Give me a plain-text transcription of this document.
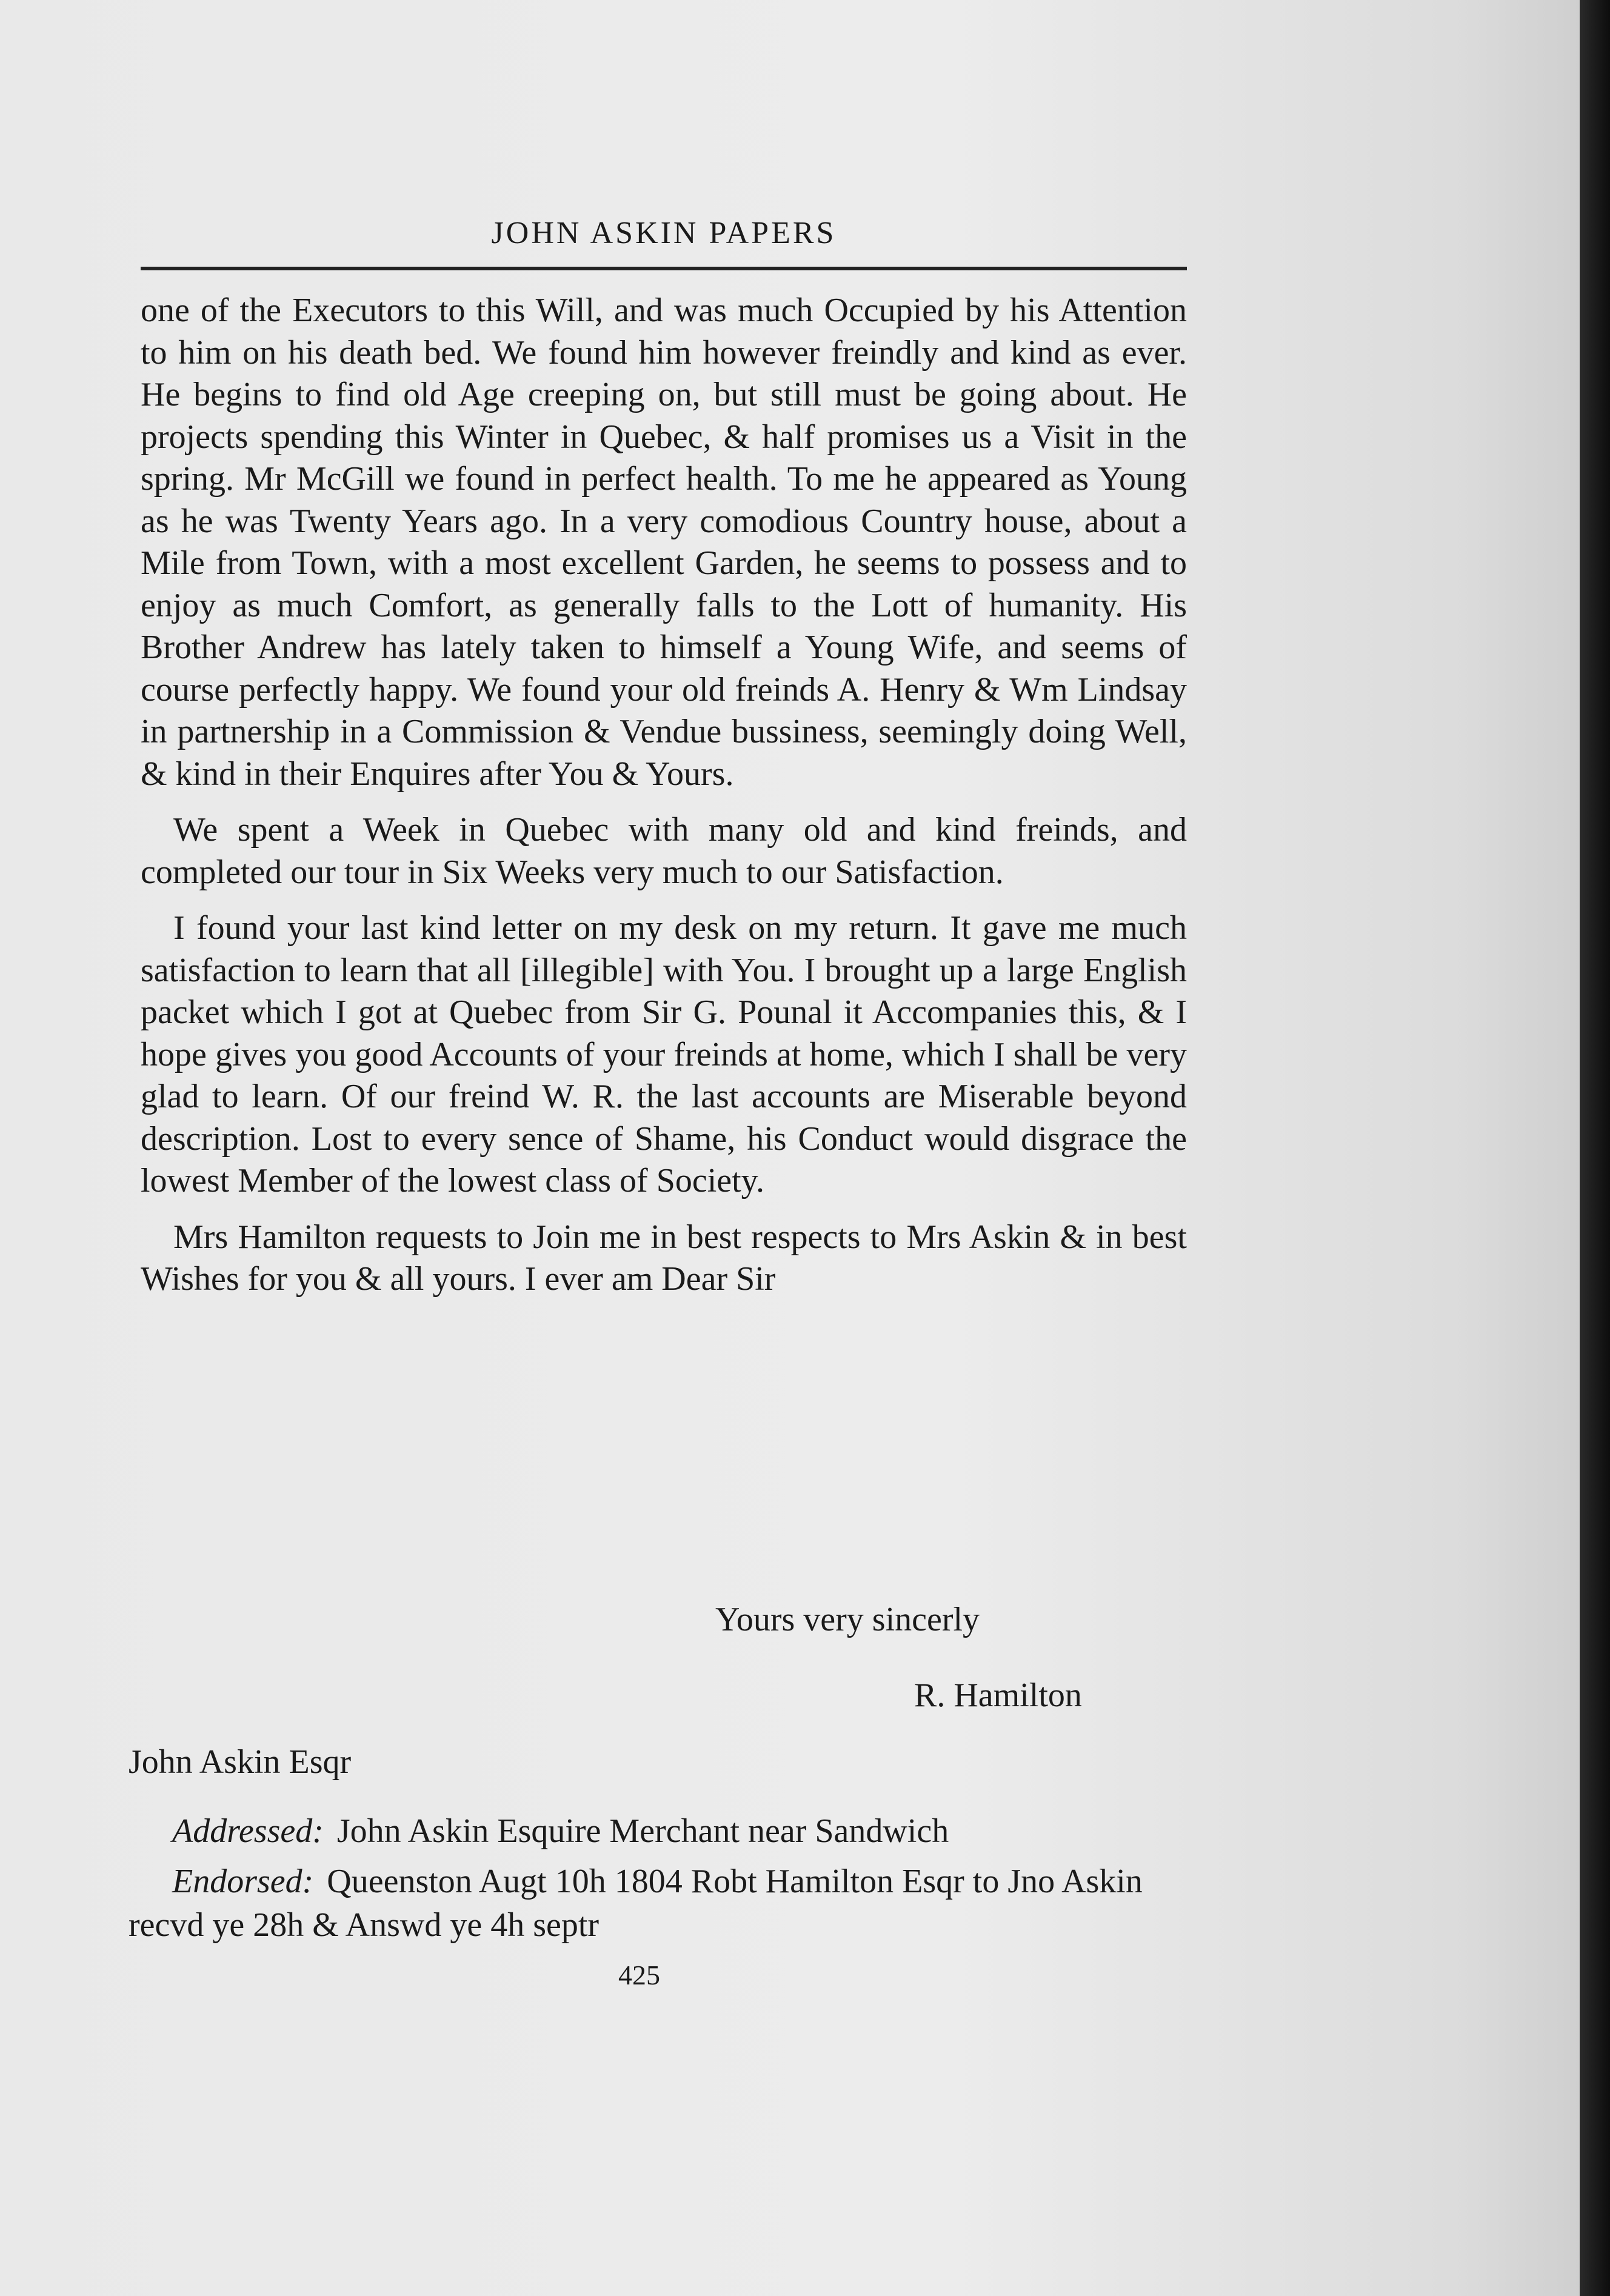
JOHN ASKIN PAPERS

one of the Executors to this Will, and was much Occupied by his Attention to him on his death bed. We found him however freindly and kind as ever. He begins to find old Age creeping on, but still must be going about. He projects spending this Winter in Quebec, & half promises us a Visit in the spring. Mr McGill we found in perfect health. To me he appeared as Young as he was Twenty Years ago. In a very comodious Country house, about a Mile from Town, with a most excellent Garden, he seems to possess and to enjoy as much Comfort, as generally falls to the Lott of humanity. His Brother Andrew has lately taken to himself a Young Wife, and seems of course perfectly happy. We found your old freinds A. Henry & Wm Lindsay in partnership in a Commission & Vendue bussiness, seemingly doing Well, & kind in their Enquires after You & Yours.

We spent a Week in Quebec with many old and kind freinds, and completed our tour in Six Weeks very much to our Satisfaction.

I found your last kind letter on my desk on my return. It gave me much satisfaction to learn that all [illegible] with You. I brought up a large English packet which I got at Quebec from Sir G. Pounal it Accompanies this, & I hope gives you good Accounts of your freinds at home, which I shall be very glad to learn. Of our freind W. R. the last accounts are Miserable beyond description. Lost to every sence of Shame, his Conduct would disgrace the lowest Member of the lowest class of Society.

Mrs Hamilton requests to Join me in best respects to Mrs Askin & in best Wishes for you & all yours. I ever am Dear Sir

Yours very sincerly
R. Hamilton
John Askin Esqr
Addressed: John Askin Esquire Merchant near Sandwich
Endorsed: Queenston Augt 10h 1804 Robt Hamilton Esqr to Jno Askin recvd ye 28h & Answd ye 4h septr
425
